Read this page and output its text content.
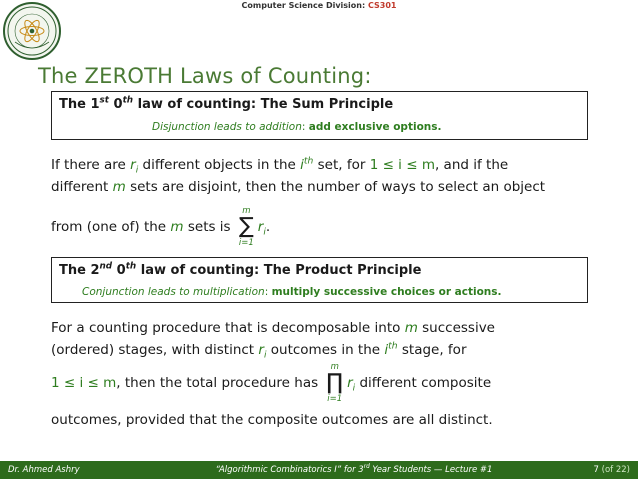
Computer Science Division: CS301
The ZEROTH Laws of Counting:
The 1st 0th law of counting: The Sum Principle
Disjunction leads to addition: add exclusive options.
If there are $r_i$ different objects in the $i^{th}$ set, for 1 ≤ i ≤ m, and if the
different m sets are disjoint, then the number of ways to select an object
from (one of) the m sets is
m
∑
i=1
$r_i$.
The 2nd 0th law of counting: The Product Principle
Conjunction leads to multiplication: multiply successive choices or actions.
For a counting procedure that is decomposable into m successive
(ordered) stages, with distinct $r_i$ outcomes in the $i^{th}$ stage, for
1 ≤ i ≤ m, then the total procedure has
m
∏
i=1
$r_i$ different composite
outcomes, provided that the composite outcomes are all distinct.
Dr. Ahmed Ashry	“Algorithmic Combinatorics I” for 3rd Year Students — Lecture #1	7 (of 22)
